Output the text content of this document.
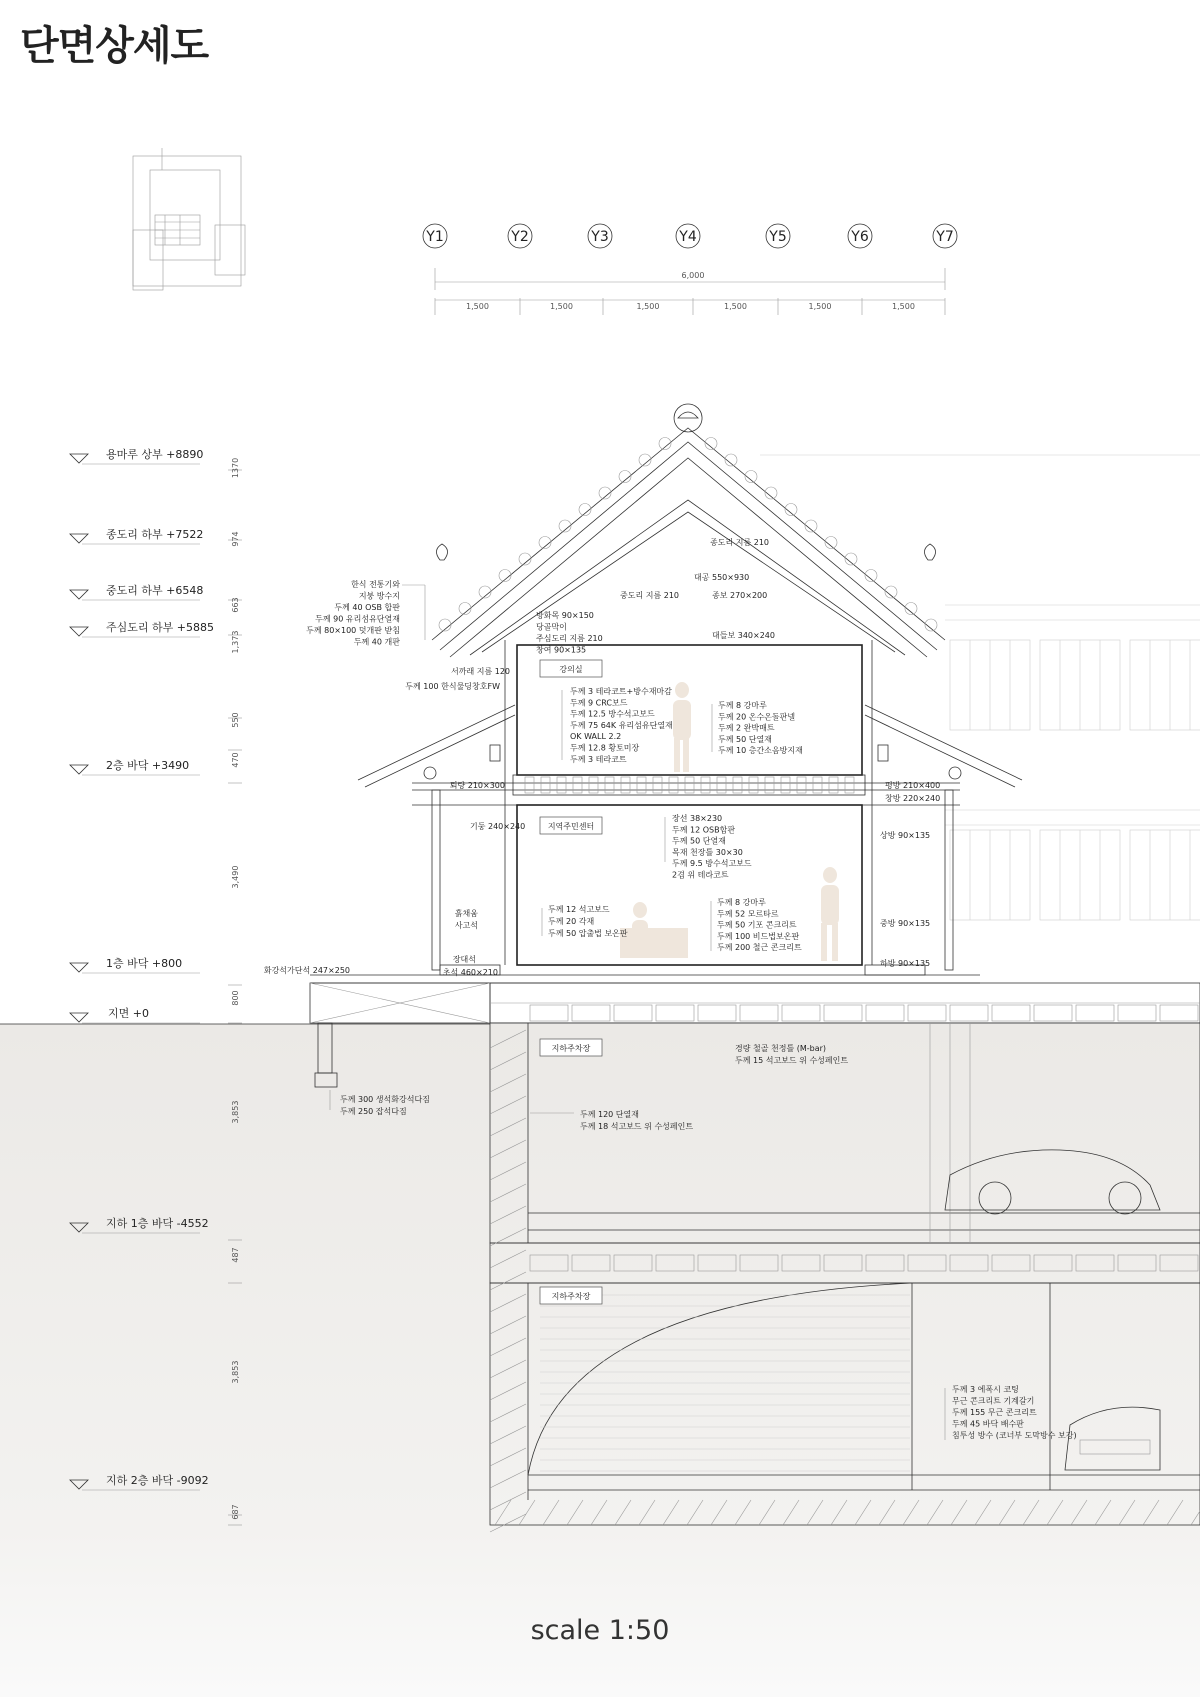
단면상세도
Y1	Y2	Y3	Y4	Y5	Y6	Y7
1,500	1,500	1,500	1,500	1,500	1,500
6,000
용마루 상부 +8890
종도리 하부 +7522
중도리 하부 +6548
주심도리 하부 +5885
2층 바닥 +3490
1층 바닥 +800
지면 +0
지하 1층 바닥 -4552
지하 2층 바닥 -9092
1370
974
663
1,373
550
470
3,490
800
3,853
487
3,853
687
강의실
지역주민센터
지하주차장
지하주차장
한식 전통기와
지붕 방수지
두께 40 OSB 합판
두께 90 유리섬유단열재
두께 80×100 덧개판 받침
두께 40 개판
종도리 지름 210
대공 550×930
종보 270×200
중도리 지름 210
대들보 340×240
방화목 90×150
당골막이
주심도리 지름 210
창여 90×135
서까래 지름 120
두께 100 한식물딩창호FW
두께 3 테라코트+방수재마감
두께 9 CRC보드
두께 12.5 방수석고보드
두께 75 64K 유리섬유단열재
OK WALL 2.2
두께 12.8 황토미장
두께 3 테라코트
두께 8 강마루
두께 20 온수온돌판넬
두께 2 완박매트
두께 50 단열재
두께 10 층간소음방지재
퇴량 210×300	평방 210×400
창방 220×240
기둥 240×240
상방 90×135
중방 90×135
하방 90×135
장선 38×230
두께 12 OSB합판
두께 50 단열재
목재 천장틀 30×30
두께 9.5 방수석고보드
2겹 위 테라코트
두께 12 석고보드
두께 20 각재
두께 50 압출법 보온판
흙채움
사고석
두께 8 강마루
두께 52 모르타르
두께 50 기포 콘크리트
두께 100 비드법보온판
두께 200 철근 콘크리트
장대석
초석 460×210
화강석가단석 247×250
두께 300 생석화강석다짐
두께 250 잡석다짐
경량 철골 천정틀 (M-bar)
두께 15 석고보드 위 수성페인트
두께 120 단열재
두께 18 석고보드 위 수성페인트
두께 3 에폭시 코팅
무근 콘크리트 기계갈기
두께 155 무근 콘크리트
두께 45 바닥 배수판
침투성 방수 (코너부 도막방수 보강)
scale 1:50
